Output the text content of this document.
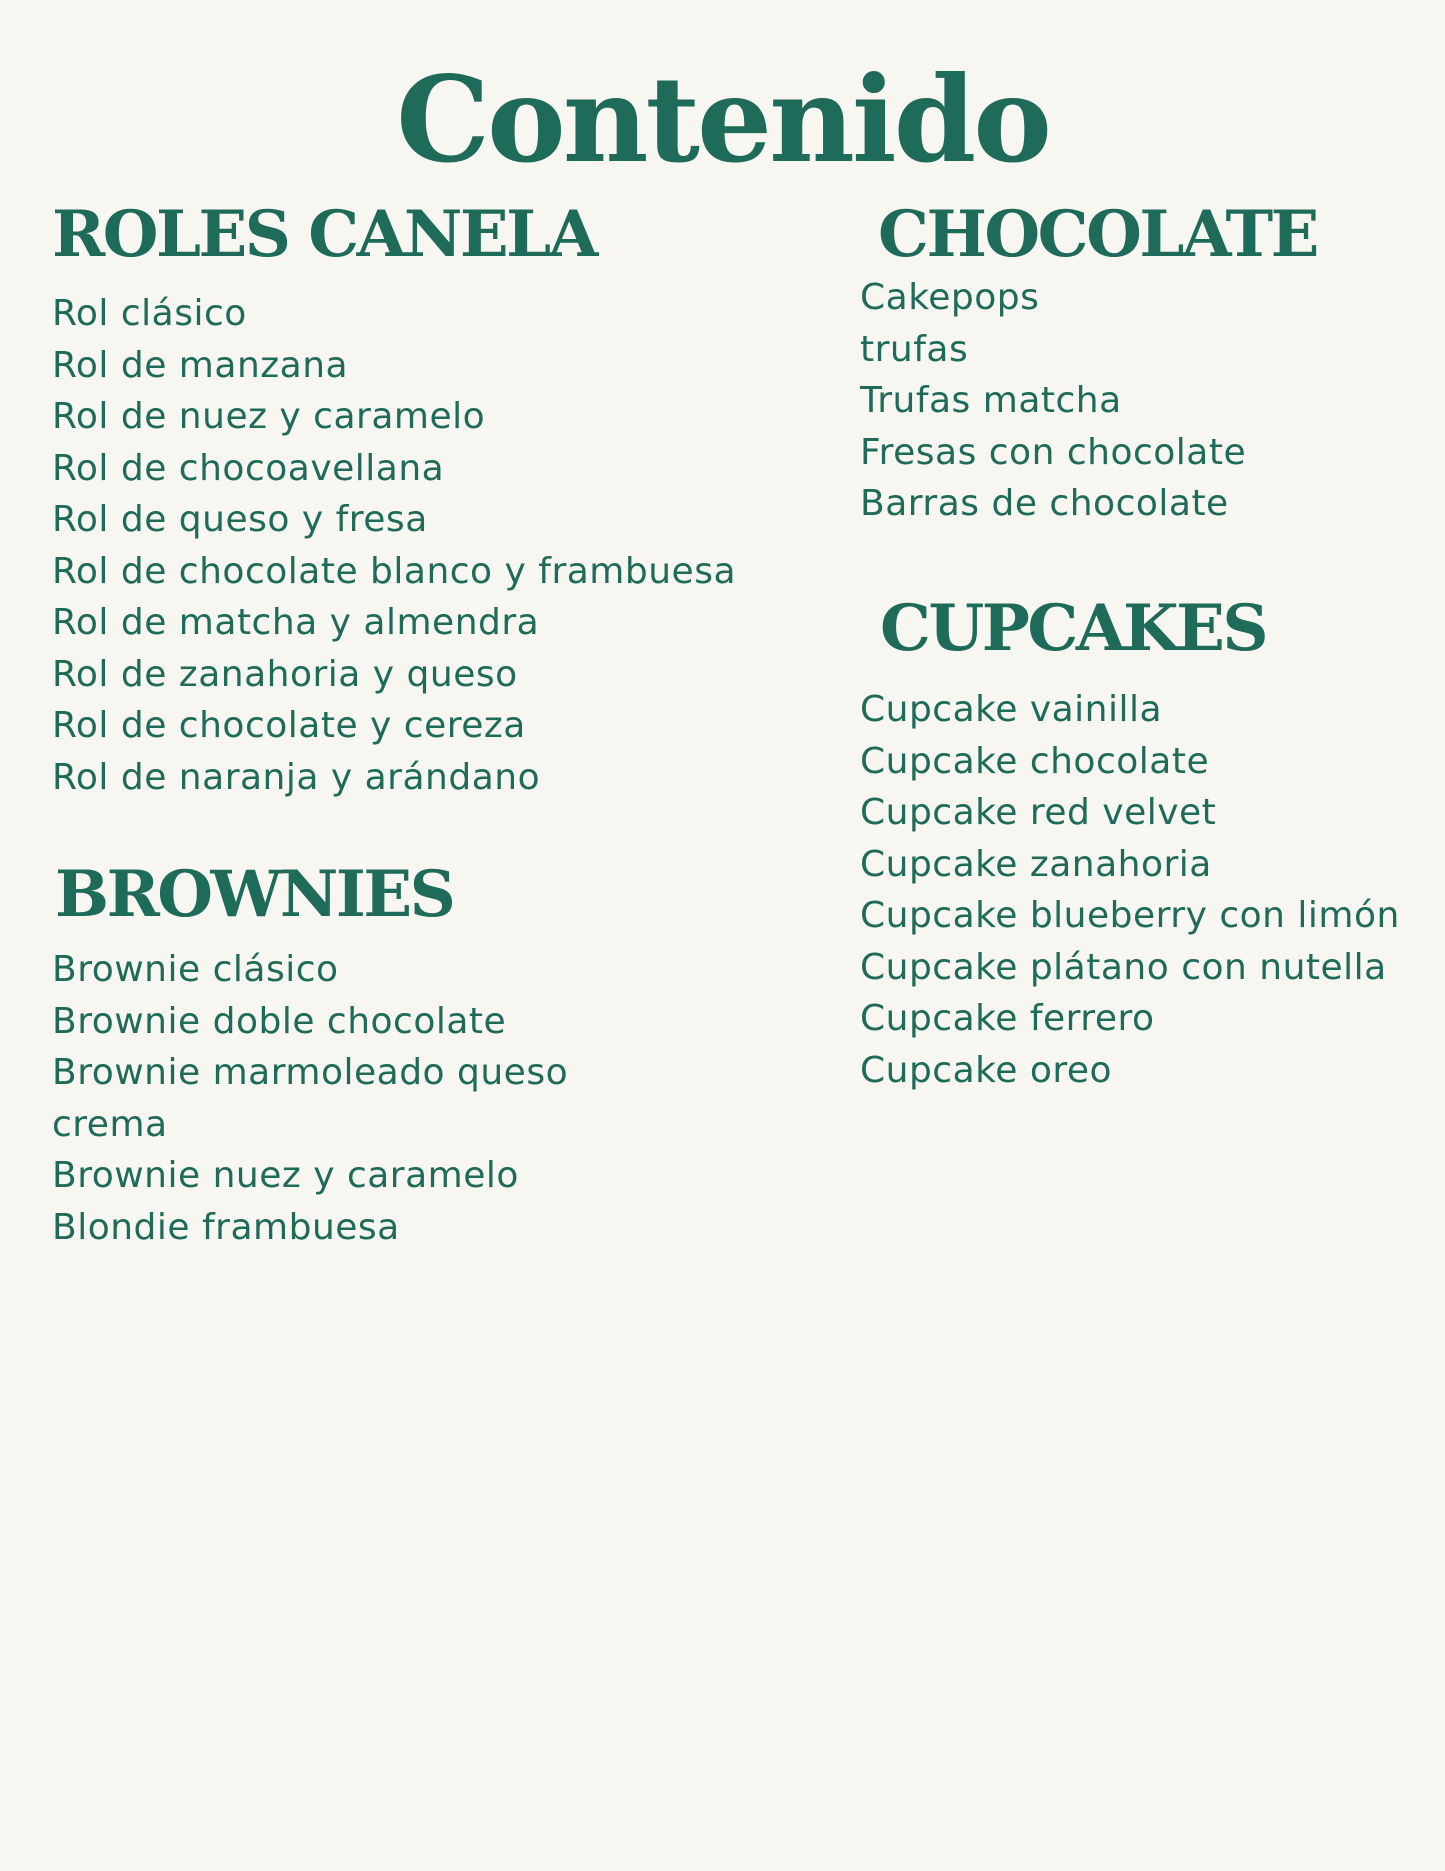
Contenido
ROLES CANELA
Rol clásico
Rol de manzana
Rol de nuez y caramelo
Rol de chocoavellana
Rol de queso y fresa
Rol de chocolate blanco y frambuesa
Rol de matcha y almendra
Rol de zanahoria y queso
Rol de chocolate y cereza
Rol de naranja y arándano
BROWNIES
Brownie clásico
Brownie doble chocolate
Brownie marmoleado queso
crema
Brownie nuez y caramelo
Blondie frambuesa
CHOCOLATE
Cakepops
trufas
Trufas matcha
Fresas con chocolate
Barras de chocolate
CUPCAKES
Cupcake vainilla
Cupcake chocolate
Cupcake red velvet
Cupcake zanahoria
Cupcake blueberry con limón
Cupcake plátano con nutella
Cupcake ferrero
Cupcake oreo
